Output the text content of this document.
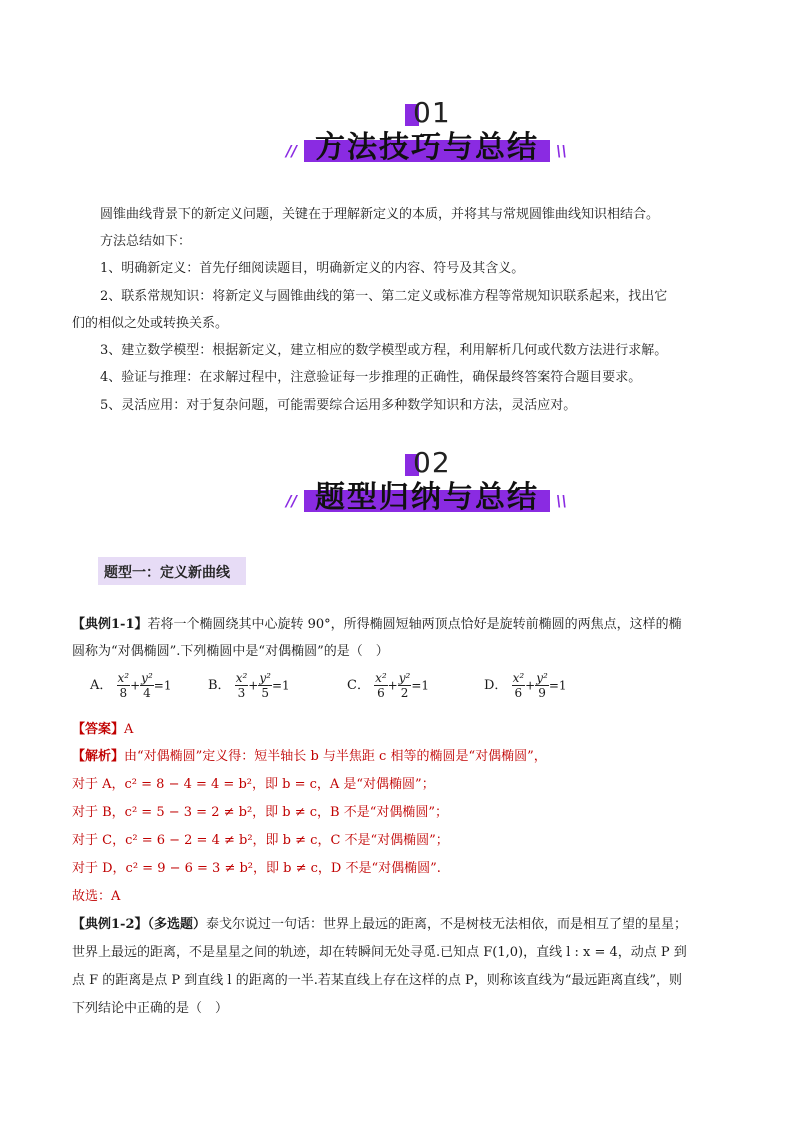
01
方法技巧与总结
//	\\
圆锥曲线背景下的新定义问题，关键在于理解新定义的本质，并将其与常规圆锥曲线知识相结合。
方法总结如下：
1、明确新定义：首先仔细阅读题目，明确新定义的内容、符号及其含义。
2、联系常规知识：将新定义与圆锥曲线的第一、第二定义或标准方程等常规知识联系起来，找出它
们的相似之处或转换关系。
3、建立数学模型：根据新定义，建立相应的数学模型或方程，利用解析几何或代数方法进行求解。
4、验证与推理：在求解过程中，注意验证每一步推理的正确性，确保最终答案符合题目要求。
5、灵活应用：对于复杂问题，可能需要综合运用多种数学知识和方法，灵活应对。
02
题型归纳与总结
//	\\
题型一：定义新曲线
【典例1-1】若将一个椭圆绕其中心旋转 90°，所得椭圆短轴两顶点恰好是旋转前椭圆的两焦点，这样的椭
圆称为“对偶椭圆”.下列椭圆中是“对偶椭圆”的是（　）
A． $\frac{\text{x²}}{8} + \frac{\text{y²}}{4} =1$	B． $\frac{\text{x²}}{3} + \frac{\text{y²}}{5} =1$	C． $\frac{\text{x²}}{6} + \frac{\text{y²}}{2} =1$	D． $\frac{\text{x²}}{6} + \frac{\text{y²}}{9} =1$
【答案】A
【解析】由“对偶椭圆”定义得：短半轴长 b 与半焦距 c 相等的椭圆是“对偶椭圆”，
对于 A，c² = 8 − 4 = 4 = b²，即 b = c，A 是“对偶椭圆”；
对于 B，c² = 5 − 3 = 2 ≠ b²，即 b ≠ c，B 不是“对偶椭圆”；
对于 C，c² = 6 − 2 = 4 ≠ b²，即 b ≠ c，C 不是“对偶椭圆”；
对于 D，c² = 9 − 6 = 3 ≠ b²，即 b ≠ c，D 不是“对偶椭圆”.
故选：A
【典例1-2】（多选题）泰戈尔说过一句话：世界上最远的距离，不是树枝无法相依，而是相互了望的星星；
世界上最远的距离，不是星星之间的轨迹，却在转瞬间无处寻觅.已知点 F(1,0)，直线 l : x = 4，动点 P 到
点 F 的距离是点 P 到直线 l 的距离的一半.若某直线上存在这样的点 P，则称该直线为“最远距离直线”，则
下列结论中正确的是（　）
